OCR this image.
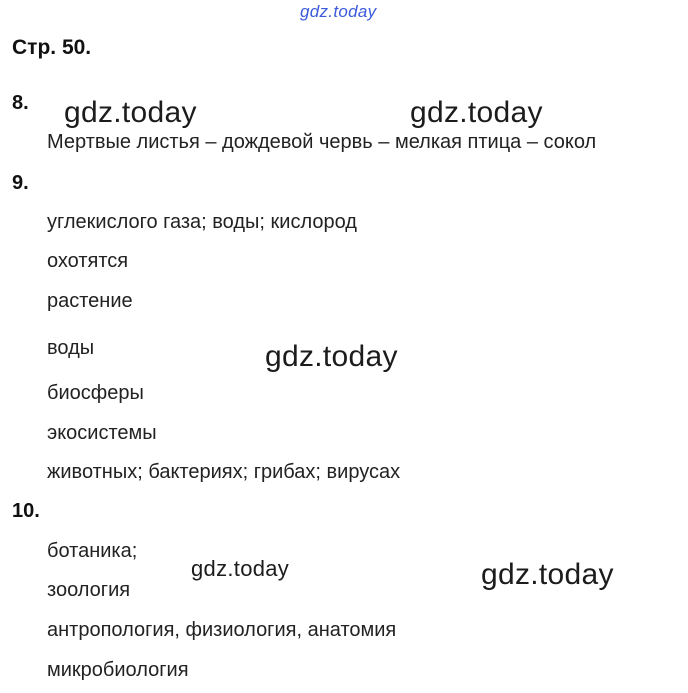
gdz.today
gdz.today	gdz.today
gdz.today
gdz.today	gdz.today
Стр. 50.
8.
Мертвые листья – дождевой червь – мелкая птица – сокол
9.
углекислого газа; воды; кислород
охотятся
растение
воды
биосферы
экосистемы
животных; бактериях; грибах; вирусах
10.
ботаника;
зоология
антропология, физиология, анатомия
микробиология
